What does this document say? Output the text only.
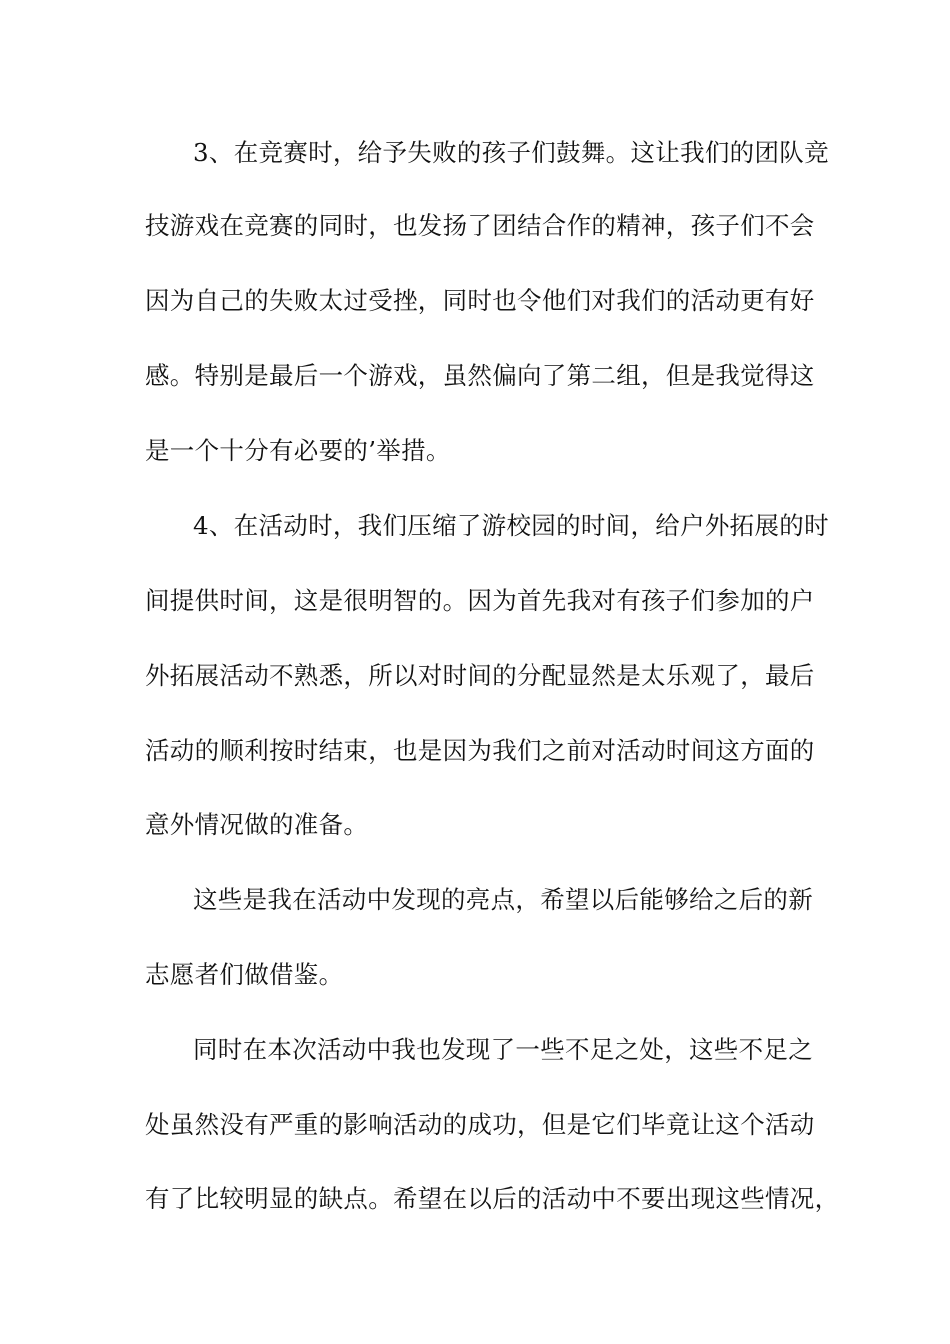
3、在竞赛时，给予失败的孩子们鼓舞。这让我们的团队竞
技游戏在竞赛的同时，也发扬了团结合作的精神，孩子们不会
因为自己的失败太过受挫，同时也令他们对我们的活动更有好
感。特别是最后一个游戏，虽然偏向了第二组，但是我觉得这
是一个十分有必要的’举措。
4、在活动时，我们压缩了游校园的时间，给户外拓展的时
间提供时间，这是很明智的。因为首先我对有孩子们参加的户
外拓展活动不熟悉，所以对时间的分配显然是太乐观了，最后
活动的顺利按时结束，也是因为我们之前对活动时间这方面的
意外情况做的准备。
这些是我在活动中发现的亮点，希望以后能够给之后的新
志愿者们做借鉴。
同时在本次活动中我也发现了一些不足之处，这些不足之
处虽然没有严重的影响活动的成功，但是它们毕竟让这个活动
有了比较明显的缺点。希望在以后的活动中不要出现这些情况，
